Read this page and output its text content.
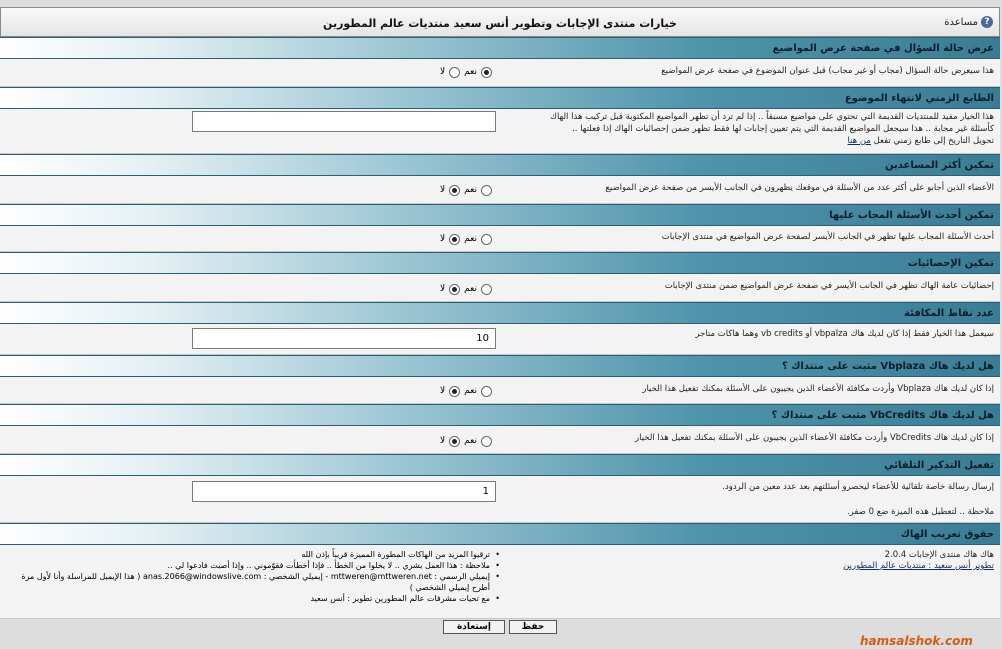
خيارات منتدى الإجابات وتطوير أنس سعيد منتديات عالم المطورين	?
مساعدة
عرض حالة السؤال في صفحة عرض المواضيع
هذا سيعرض حالة السؤال (مجاب أو غير مجاب) قبل عنوان الموضوع في صفحة عرض المواضيع
نعم
لا
الطابع الزمني لانتهاء الموضوع
هذا الخيار مفيد للمنتديات القديمة التي تحتوي على مواضيع مسبقاً .. إذا لم ترد أن تظهر المواضيع المكتوبة قبل تركيب هذا الهاك
كأسئلة غير مجابة .. هذا سيجعل المواضيع القديمة التي يتم تعيين إجابات لها فقط تظهر ضمن إحصائيات الهاك إذا فعلتها ..
تحويل التاريخ إلى طابع زمني تفعل من هنا
تمكين أكثر المساعدين
الأعضاء الذين أجابو على أكثر عدد من الأسئلة في موقعك يظهرون في الجانب الأيسر من صفحة عرض المواضيع
نعم
لا
تمكين أحدث الأسئلة المجاب عليها
أحدث الأسئلة المجاب عليها تظهر في الجانب الأيسر لصفحة عرض المواضيع في منتدى الإجابات
نعم
لا
تمكين الإحصائيات
إحصائيات عامة الهاك تظهر في الجانب الأيسر في صفحة عرض المواضيع ضمن منتدى الإجابات
نعم
لا
عدد نقاط المكافئة
سيعمل هذا الخيار فقط إذا كان لديك هاك vbpalza أو vb credits وهما هاكات متاجر
10
هل لديك هاك Vbplaza مثبت على منتداك ؟
إذا كان لديك هاك Vbplaza وأردت مكافئة الأعضاء الذين يجيبون على الأسئلة بمكنك تفعيل هذا الخيار
نعم
لا
هل لديك هاك VbCredits مثبت على منتداك ؟
إذا كان لديك هاك VbCredits وأردت مكافئة الأعضاء الذين يجيبون على الأسئلة بمكنك تفعيل هذا الخيار
نعم
لا
تفعيل التذكير التلقائي
إرسال رسالة خاصة تلقائية للأعضاء ليحصرو أسئلتهم بعد عدد معين من الردود.
ملاحظة .. لتعطيل هذه الميزة ضع 0 صفر.
1
حقوق تعريب الهاك
هاك هاك منتدى الإجابات 2.0.4
تطوير أنس سعيد : منتديات عالم المطورين
• ترقيوا المزيد من الهاكات المطورة المميزة قريباً بإذن الله
• ملاحظة : هذا العمل بشري .. لا يخلوا من الخطأ .. فإذا أخطأت فقوّموني .. وإذا أصبت فادعوا لي ..
• إيميلي الرسمي : mttweren@mttweren.net - إيميلي الشخصي : anas.2066@windowslive.com ( هذا الإيميل للمراسلة وأنا لأول مرة أطرح إيميلي الشخصي )
• مع تحيات مشرفات عالم المطورين تطوير : أنس سعيد
حفظ
إستعادة
hamsalshok.com
